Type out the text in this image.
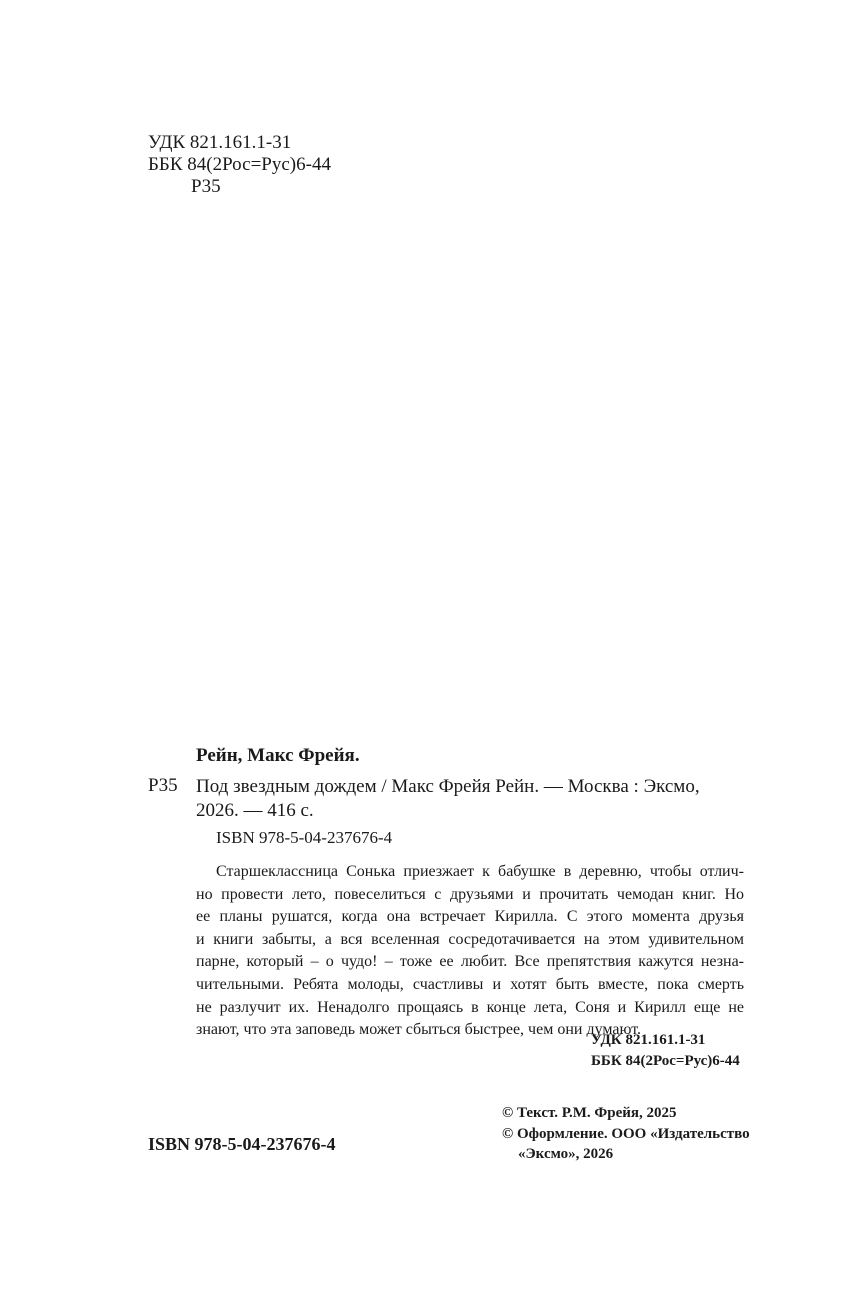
УДК 821.161.1-31
ББК 84(2Рос=Рус)6-44
Р35
Рейн, Макс Фрейя.
Р35 Под звездным дождем / Макс Фрейя Рейн. — Москва : Эксмо,
2026. — 416 с.
ISBN 978-5-04-237676-4
Старшеклассница Сонька приезжает к бабушке в деревню, чтобы отлич-
но провести лето, повеселиться с друзьями и прочитать чемодан книг. Но
ее планы рушатся, когда она встречает Кирилла. С этого момента друзья
и книги забыты, а вся вселенная сосредотачивается на этом удивительном
парне, который – о чудо! – тоже ее любит. Все препятствия кажутся незна-
чительными. Ребята молоды, счастливы и хотят быть вместе, пока смерть
не разлучит их. Ненадолго прощаясь в конце лета, Соня и Кирилл еще не
знают, что эта заповедь может сбыться быстрее, чем они думают.
УДК 821.161.1-31
ББК 84(2Рос=Рус)6-44
ISBN 978-5-04-237676-4
© Текст. Р.М. Фрейя, 2025
© Оформление. ООО «Издательство
«Эксмо», 2026
